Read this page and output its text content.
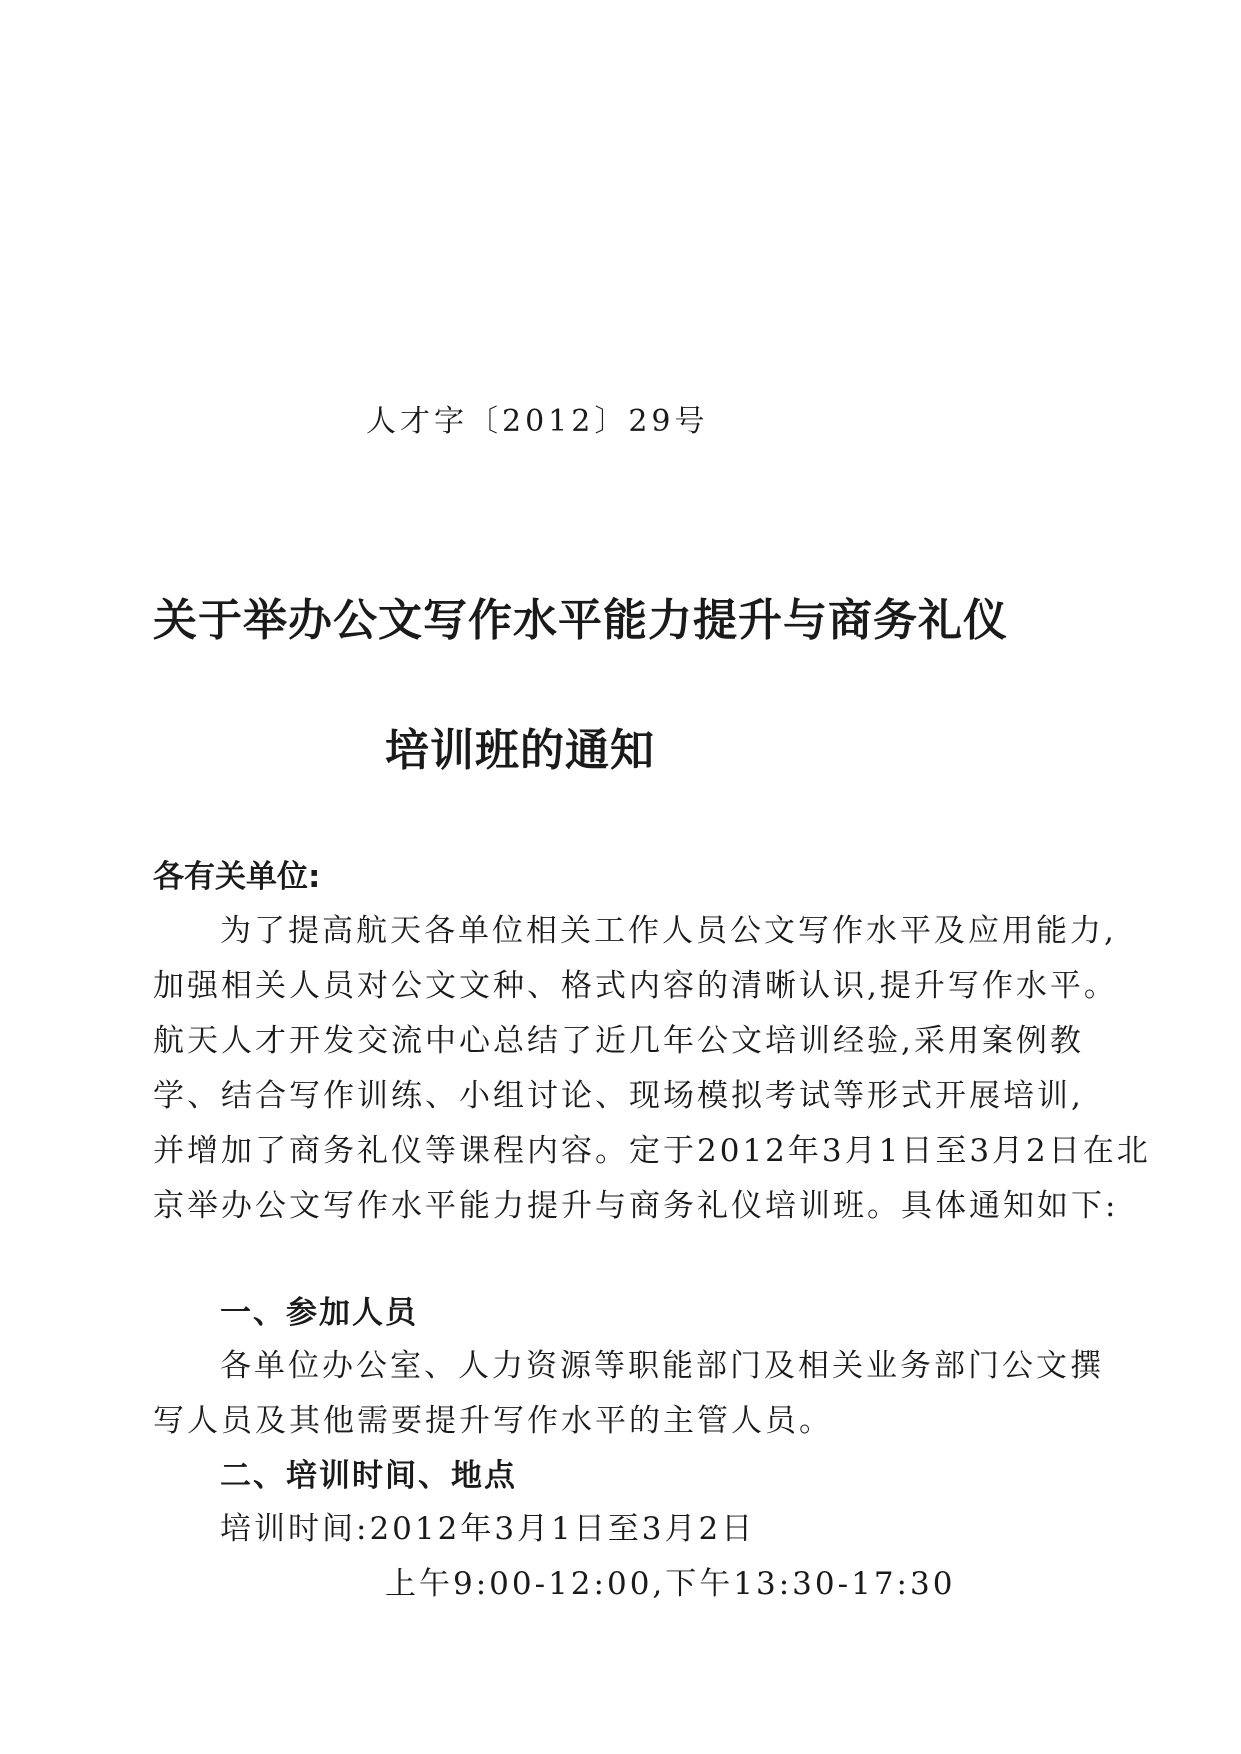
人才字〔2012〕29号
关于举办公文写作水平能力提升与商务礼仪
培训班的通知
各有关单位:
为了提高航天各单位相关工作人员公文写作水平及应用能力,
加强相关人员对公文文种、格式内容的清晰认识,提升写作水平。
航天人才开发交流中心总结了近几年公文培训经验,采用案例教
学、结合写作训练、小组讨论、现场模拟考试等形式开展培训,
并增加了商务礼仪等课程内容。定于2012年3月1日至3月2日在北
京举办公文写作水平能力提升与商务礼仪培训班。具体通知如下:
一、参加人员
各单位办公室、人力资源等职能部门及相关业务部门公文撰
写人员及其他需要提升写作水平的主管人员。
二、培训时间、地点
培训时间:2012年3月1日至3月2日
上午9:00-12:00,下午13:30-17:30
